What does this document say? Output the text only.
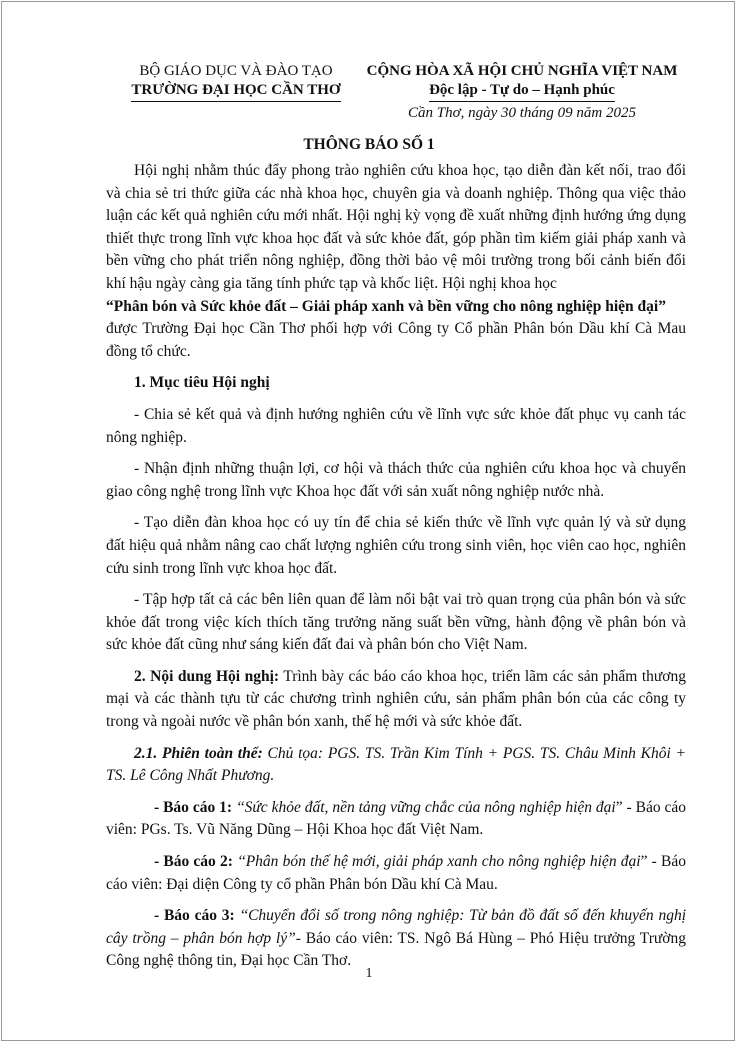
BỘ GIÁO DỤC VÀ ĐÀO TẠO
TRƯỜNG ĐẠI HỌC CẦN THƠ
CỘNG HÒA XÃ HỘI CHỦ NGHĨA VIỆT NAM
Độc lập - Tự do – Hạnh phúc
Cần Thơ, ngày 30 tháng 09 năm 2025
THÔNG BÁO SỐ 1

Hội nghị nhằm thúc đẩy phong trào nghiên cứu khoa học, tạo diễn đàn kết nối, trao đổi và chia sẻ tri thức giữa các nhà khoa học, chuyên gia và doanh nghiệp. Thông qua việc thảo luận các kết quả nghiên cứu mới nhất. Hội nghị kỳ vọng đề xuất những định hướng ứng dụng thiết thực trong lĩnh vực khoa học đất và sức khỏe đất, góp phần tìm kiếm giải pháp xanh và bền vững cho phát triển nông nghiệp, đồng thời bảo vệ môi trường trong bối cảnh biến đổi khí hậu ngày càng gia tăng tính phức tạp và khốc liệt. Hội nghị khoa học
“Phân bón và Sức khỏe đất – Giải pháp xanh và bền vững cho nông nghiệp hiện đại”
được Trường Đại học Cần Thơ phối hợp với Công ty Cổ phần Phân bón Dầu khí Cà Mau đồng tổ chức.

1. Mục tiêu Hội nghị

- Chia sẻ kết quả và định hướng nghiên cứu về lĩnh vực sức khỏe đất phục vụ canh tác nông nghiệp.

- Nhận định những thuận lợi, cơ hội và thách thức của nghiên cứu khoa học và chuyển giao công nghệ trong lĩnh vực Khoa học đất với sản xuất nông nghiệp nước nhà.

- Tạo diễn đàn khoa học có uy tín để chia sẻ kiến thức về lĩnh vực quản lý và sử dụng đất hiệu quả nhằm nâng cao chất lượng nghiên cứu trong sinh viên, học viên cao học, nghiên cứu sinh trong lĩnh vực khoa học đất.

- Tập hợp tất cả các bên liên quan để làm nổi bật vai trò quan trọng của phân bón và sức khỏe đất trong việc kích thích tăng trưởng năng suất bền vững, hành động về phân bón và sức khỏe đất cũng như sáng kiến đất đai và phân bón cho Việt Nam.

2. Nội dung Hội nghị: Trình bày các báo cáo khoa học, triển lãm các sản phẩm thương mại và các thành tựu từ các chương trình nghiên cứu, sản phẩm phân bón của các công ty trong và ngoài nước về phân bón xanh, thế hệ mới và sức khỏe đất.

2.1. Phiên toàn thể: Chủ tọa: PGS. TS. Trần Kim Tính + PGS. TS. Châu Minh Khôi + TS. Lê Công Nhất Phương.

- Báo cáo 1: ‘‘Sức khỏe đất, nền tảng vững chắc của nông nghiệp hiện đại” - Báo cáo viên: PGs. Ts. Vũ Năng Dũng – Hội Khoa học đất Việt Nam.

- Báo cáo 2: ‘‘Phân bón thế hệ mới, giải pháp xanh cho nông nghiệp hiện đại” - Báo cáo viên: Đại diện Công ty cổ phần Phân bón Dầu khí Cà Mau.

- Báo cáo 3: ‘‘Chuyển đổi số trong nông nghiệp: Từ bản đồ đất số đến khuyến nghị cây trồng – phân bón hợp lý”- Báo cáo viên: TS. Ngô Bá Hùng – Phó Hiệu trưởng Trường Công nghệ thông tin, Đại học Cần Thơ.

1
